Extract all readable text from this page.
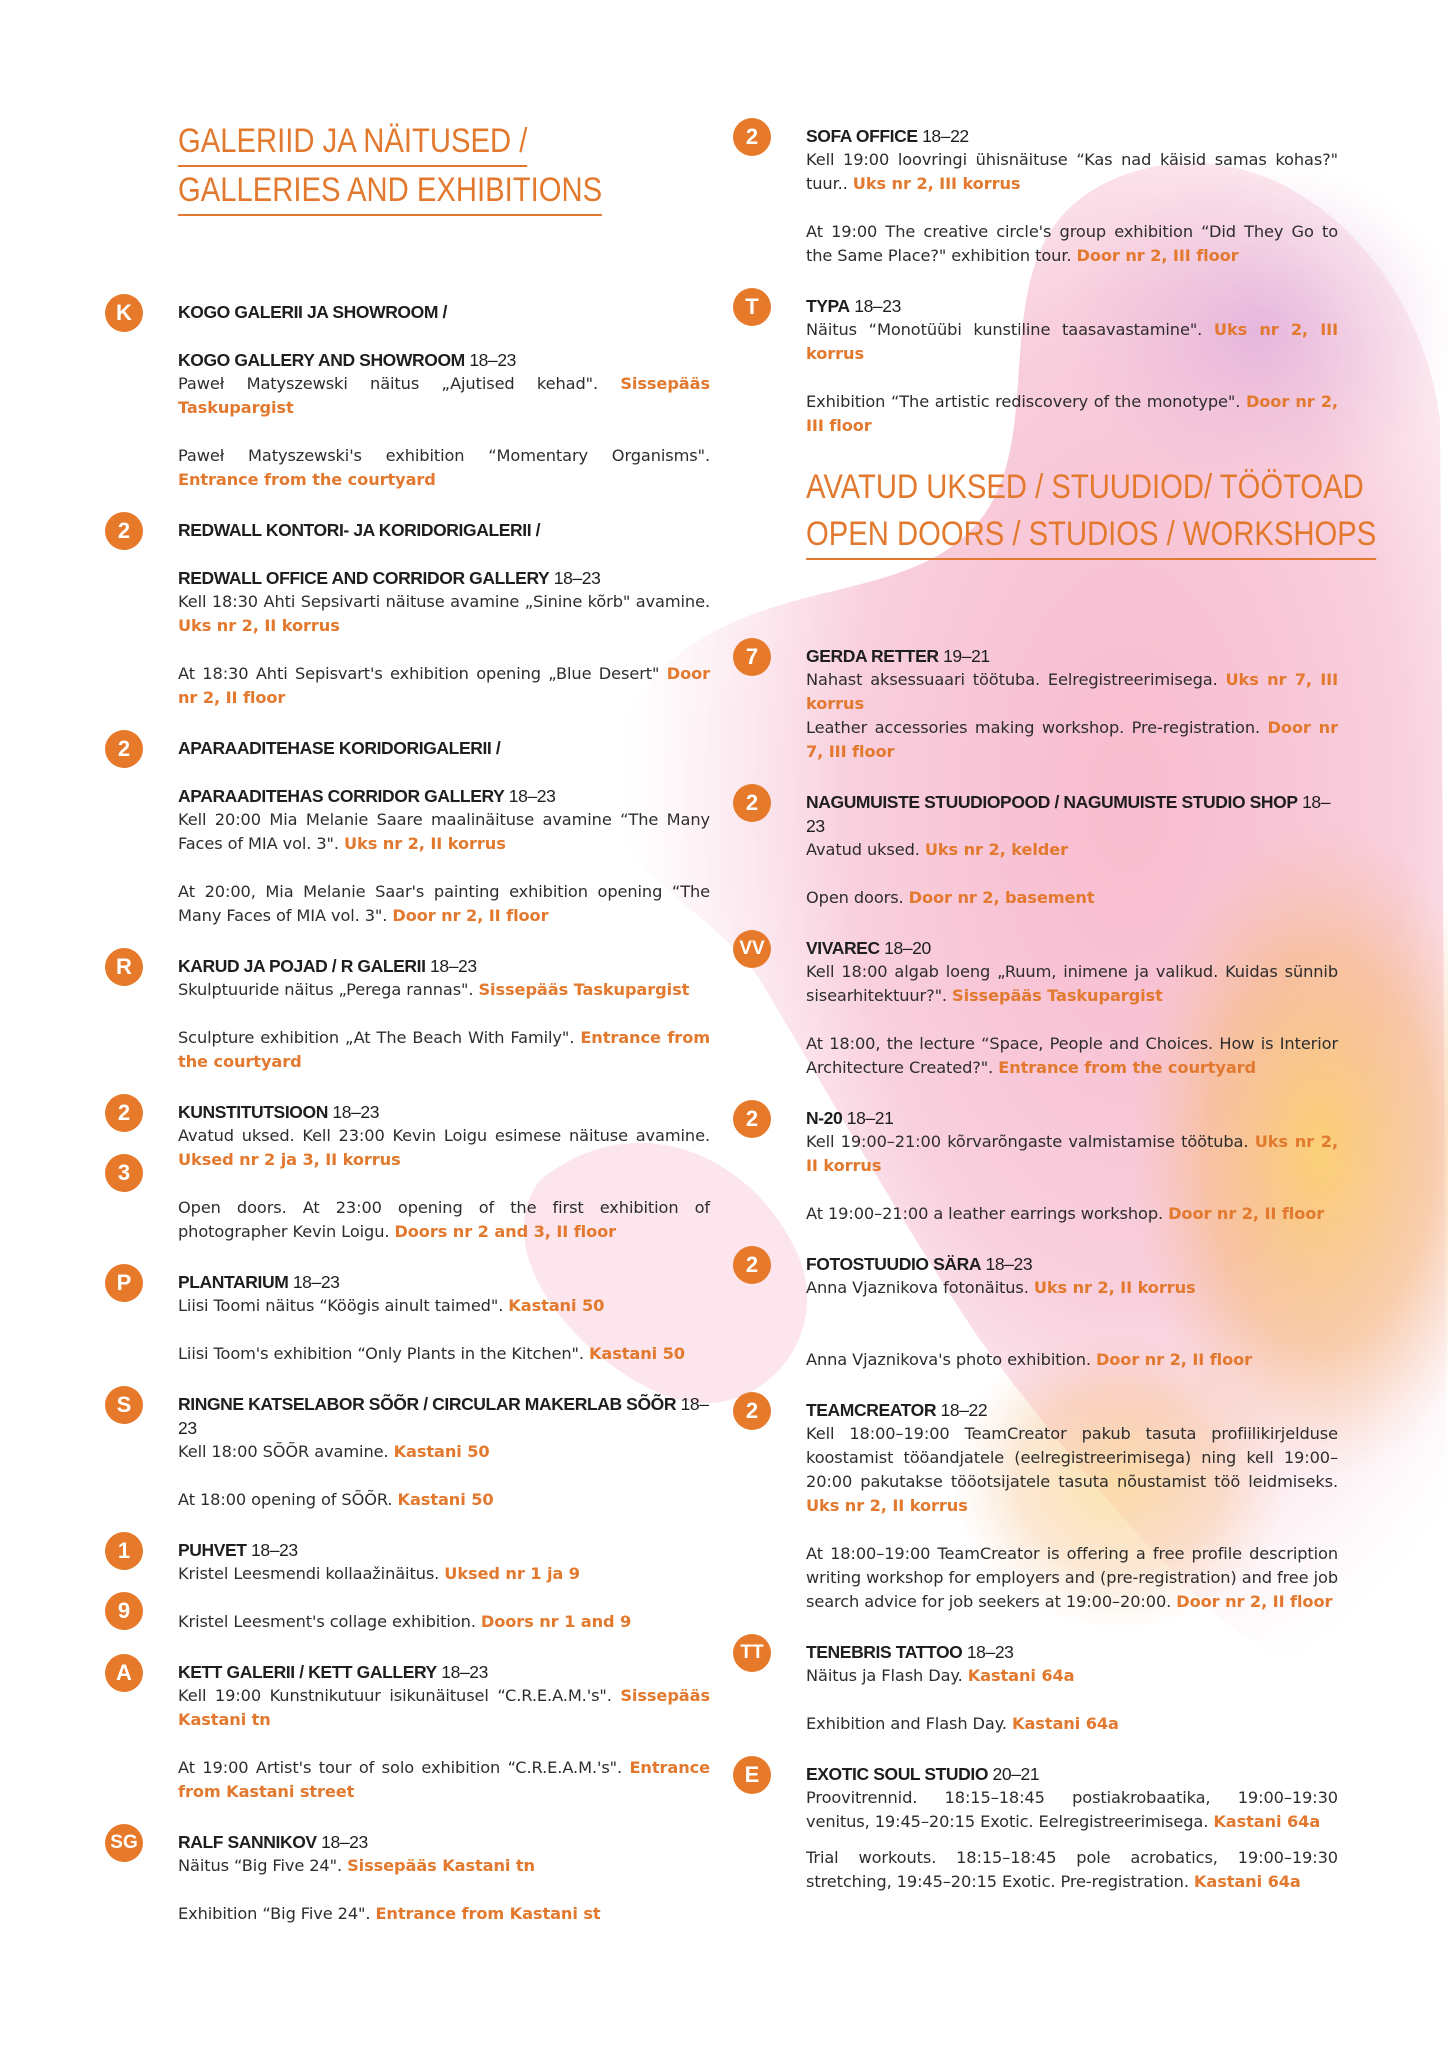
GALERIID JA NÄITUSED /
GALLERIES AND EXHIBITIONS
K	KOGO GALERII JA SHOWROOM /
KOGO GALLERY AND SHOWROOM 18–23

Paweł Matyszewski näitus „Ajutised kehad". Sissepääs Taskupargist

Paweł Matyszewski's exhibition “Momentary Organisms". Entrance from the courtyard

2	REDWALL KONTORI- JA KORIDORIGALERII /
REDWALL OFFICE AND CORRIDOR GALLERY 18–23

Kell 18:30 Ahti Sepsivarti näituse avamine „Sinine kõrb" avamine. Uks nr 2, II korrus

At 18:30 Ahti Sepisvart's exhibition opening „Blue Desert" Door nr 2, II floor

2	APARAADITEHASE KORIDORIGALERII /
APARAADITEHAS CORRIDOR GALLERY 18–23

Kell 20:00 Mia Melanie Saare maalinäituse avamine “The Many Faces of MIA vol. 3". Uks nr 2, II korrus

At 20:00, Mia Melanie Saar's painting exhibition opening “The Many Faces of MIA vol. 3". Door nr 2, II floor

R	KARUD JA POJAD / R GALERII 18–23

Skulptuuride näitus „Perega rannas". Sissepääs Taskupargist

Sculpture exhibition „At The Beach With Family". Entrance from the courtyard

2
3
KUNSTITUTSIOON 18–23

Avatud uksed. Kell 23:00 Kevin Loigu esimese näituse avamine. Uksed nr 2 ja 3, II korrus

Open doors. At 23:00 opening of the first exhibition of photographer Kevin Loigu. Doors nr 2 and 3, II floor

P	PLANTARIUM 18–23

Liisi Toomi näitus “Köögis ainult taimed". Kastani 50

Liisi Toom's exhibition “Only Plants in the Kitchen". Kastani 50

S	RINGNE KATSELABOR SÕÕR / CIRCULAR MAKERLAB SÕÕR 18–23

Kell 18:00 SÕÕR avamine. Kastani 50

At 18:00 opening of SÕÕR. Kastani 50

1
9
PUHVET 18–23

Kristel Leesmendi kollaažinäitus. Uksed nr 1 ja 9

Kristel Leesment's collage exhibition. Doors nr 1 and 9

A	KETT GALERII / KETT GALLERY 18–23

Kell 19:00 Kunstnikutuur isikunäitusel “C.R.E.A.M.'s". Sissepääs Kastani tn

At 19:00 Artist's tour of solo exhibition “C.R.E.A.M.'s". Entrance from Kastani street

SG	RALF SANNIKOV 18–23

Näitus “Big Five 24". Sissepääs Kastani tn

Exhibition “Big Five 24". Entrance from Kastani st

2	SOFA OFFICE 18–22

Kell 19:00 loovringi ühisnäituse “Kas nad käisid samas kohas?" tuur.. Uks nr 2, III korrus

At 19:00 The creative circle's group exhibition “Did They Go to the Same Place?" exhibition tour. Door nr 2, III floor

T	TYPA 18–23

Näitus “Monotüübi kunstiline taasavastamine". Uks nr 2, III korrus

Exhibition “The artistic rediscovery of the monotype". Door nr 2, III floor

AVATUD UKSED / STUUDIOD/ TÖÖTOAD
OPEN DOORS / STUDIOS / WORKSHOPS
7	GERDA RETTER 19–21

Nahast aksessuaari töötuba. Eelregistreerimisega. Uks nr 7, III korrus

Leather accessories making workshop. Pre-registration. Door nr 7, III floor

2	NAGUMUISTE STUUDIOPOOD / NAGUMUISTE STUDIO SHOP 18–23

Avatud uksed. Uks nr 2, kelder

Open doors. Door nr 2, basement

VV	VIVAREC 18–20

Kell 18:00 algab loeng „Ruum, inimene ja valikud. Kuidas sünnib sisearhitektuur?". Sissepääs Taskupargist

At 18:00, the lecture “Space, People and Choices. How is Interior Architecture Created?". Entrance from the courtyard

2	N-20 18–21

Kell 19:00–21:00 kõrvarõngaste valmistamise töötuba. Uks nr 2, II korrus

At 19:00–21:00 a leather earrings workshop. Door nr 2, II floor

2	FOTOSTUUDIO SÄRA 18–23

Anna Vjaznikova fotonäitus. Uks nr 2, II korrus

Anna Vjaznikova's photo exhibition. Door nr 2, II floor

2	TEAMCREATOR 18–22

Kell 18:00–19:00 TeamCreator pakub tasuta profiilikirjelduse koostamist tööandjatele (eelregistreerimisega) ning kell 19:00–20:00 pakutakse tööotsijatele tasuta nõustamist töö leidmiseks. Uks nr 2, II korrus

At 18:00–19:00 TeamCreator is offering a free profile description writing workshop for employers and (pre-registration) and free job search advice for job seekers at 19:00–20:00. Door nr 2, II floor

TT	TENEBRIS TATTOO 18–23

Näitus ja Flash Day. Kastani 64a

Exhibition and Flash Day. Kastani 64a

E	EXOTIC SOUL STUDIO 20–21

Proovitrennid. 18:15–18:45 postiakrobaatika, 19:00–19:30 venitus, 19:45–20:15 Exotic. Eelregistreerimisega. Kastani 64a

Trial workouts. 18:15–18:45 pole acrobatics, 19:00–19:30 stretching, 19:45–20:15 Exotic. Pre-registration. Kastani 64a
